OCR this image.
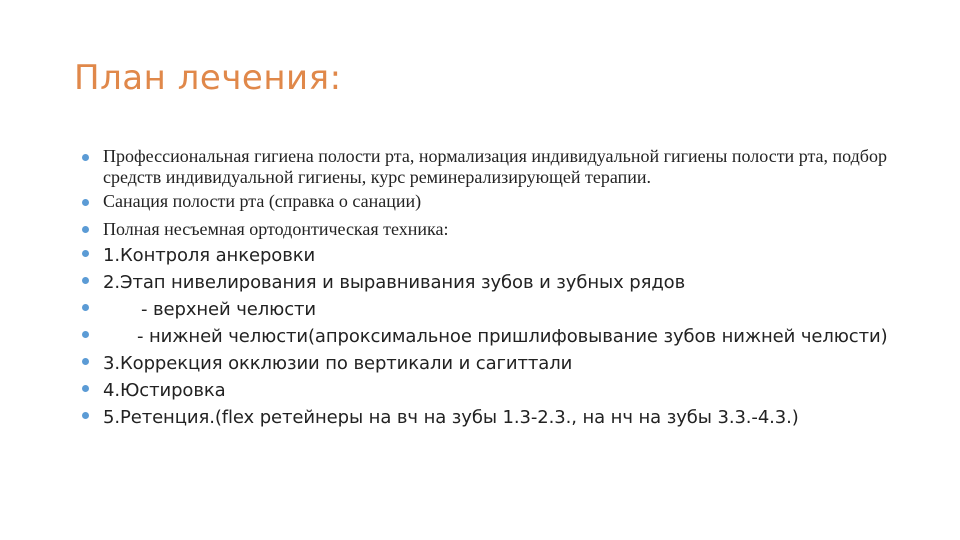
План лечения:
Профессиональная гигиена полости рта, нормализация индивидуальной гигиены полости рта, подбор средств индивидуальной гигиены, курс реминерализирующей терапии.
Санация полости рта (справка о санации)
Полная несъемная ортодонтическая техника:
1.Контроля анкеровки
2.Этап нивелирования и выравнивания зубов и зубных рядов
- верхней челюсти
- нижней челюсти(апроксимальное пришлифовывание зубов нижней челюсти)
3.Коррекция окклюзии по вертикали и сагиттали
4.Юстировка
5.Ретенция.(flex ретейнеры на вч на зубы 1.3-2.3., на нч на зубы 3.3.-4.3.)
